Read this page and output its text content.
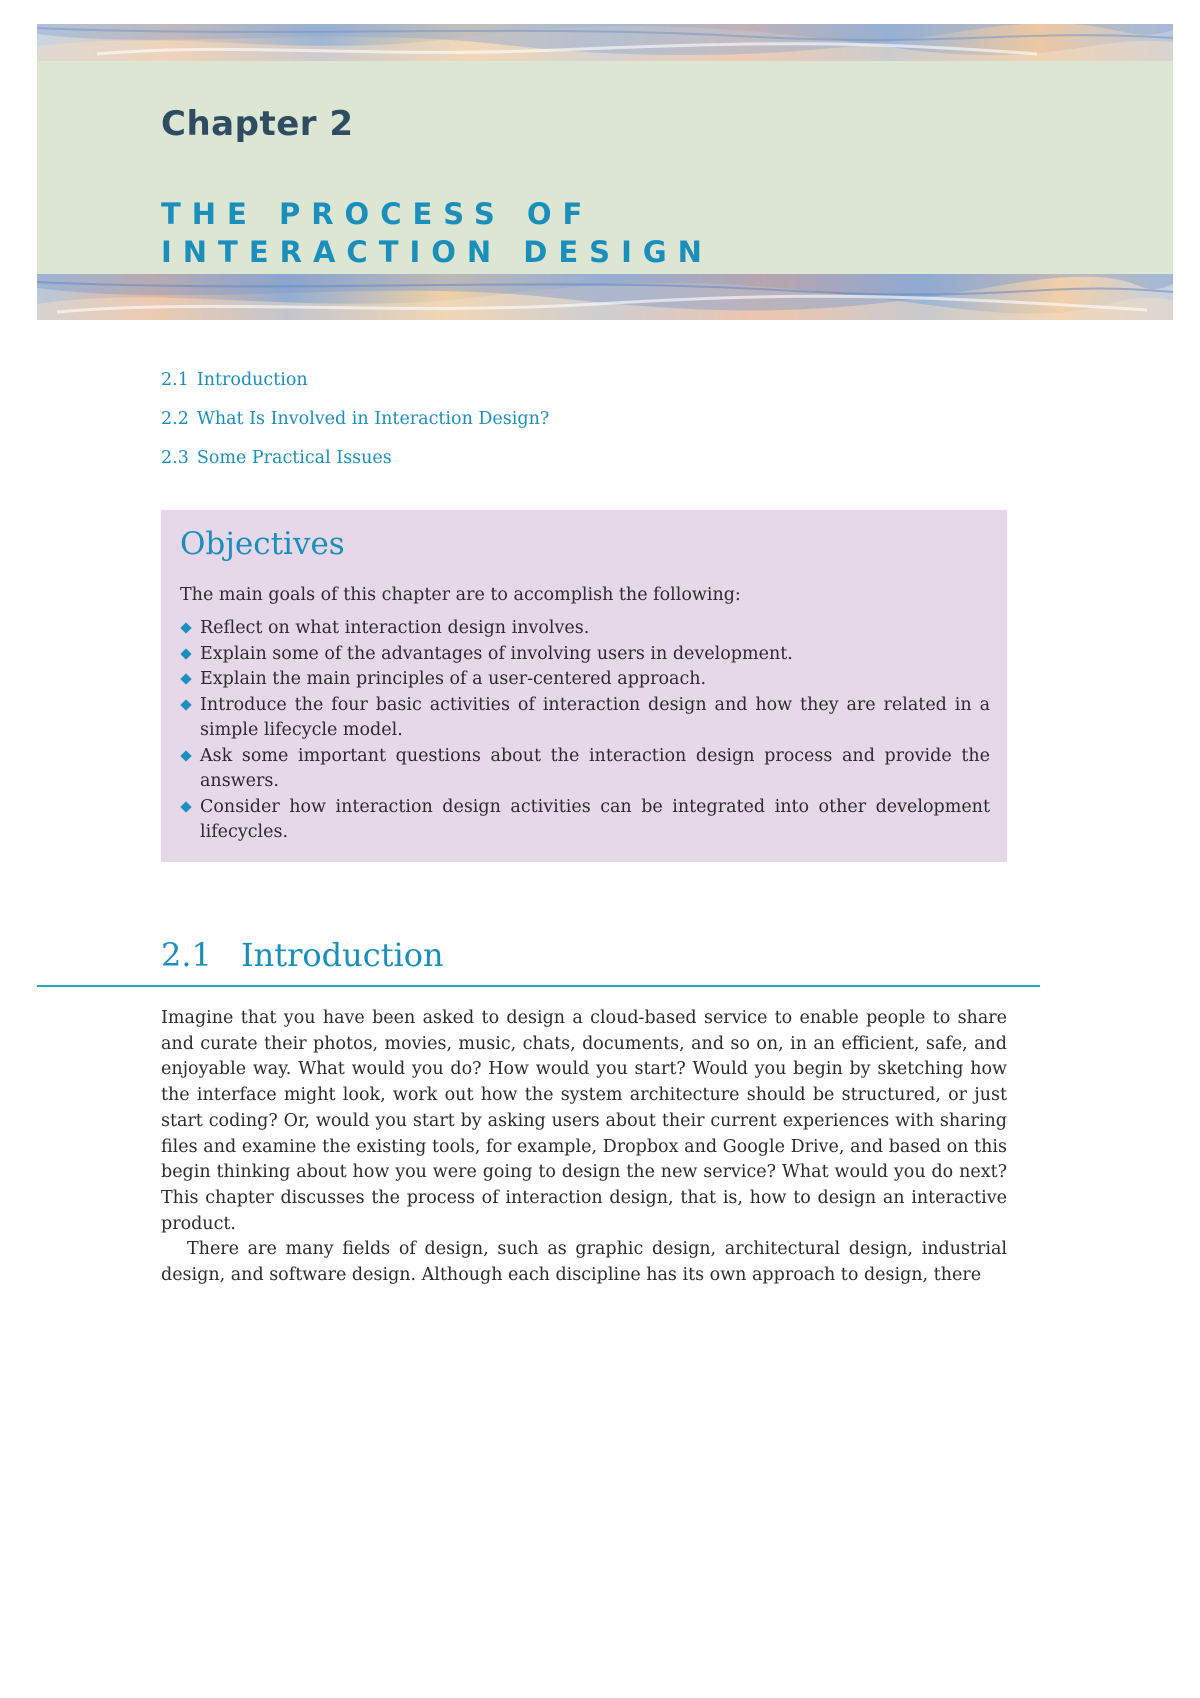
Chapter 2
THE PROCESS OF
INTERACTION DESIGN
2.1 Introduction
2.2 What Is Involved in Interaction Design?
2.3 Some Practical Issues
Objectives

The main goals of this chapter are to accomplish the following:

Reflect on what interaction design involves.
Explain some of the advantages of involving users in development.
Explain the main principles of a user-centered approach.
Introduce the four basic activities of interaction design and how they are related in a simple lifecycle model.
Ask some important questions about the interaction design process and provide the answers.
Consider how interaction design activities can be integrated into other development lifecycles.
2.1 Introduction

Imagine that you have been asked to design a cloud-based service to enable people to share and curate their photos, movies, music, chats, documents, and so on, in an efficient, safe, and enjoyable way. What would you do? How would you start? Would you begin by sketching how the interface might look, work out how the system architecture should be structured, or just start coding? Or, would you start by asking users about their current experiences with sharing files and examine the existing tools, for example, Dropbox and Google Drive, and based on this begin thinking about how you were going to design the new service? What would you do next? This chapter discusses the process of interaction design, that is, how to design an interactive product.

There are many fields of design, such as graphic design, architectural design, industrial design, and software design. Although each discipline has its own approach to design, there
